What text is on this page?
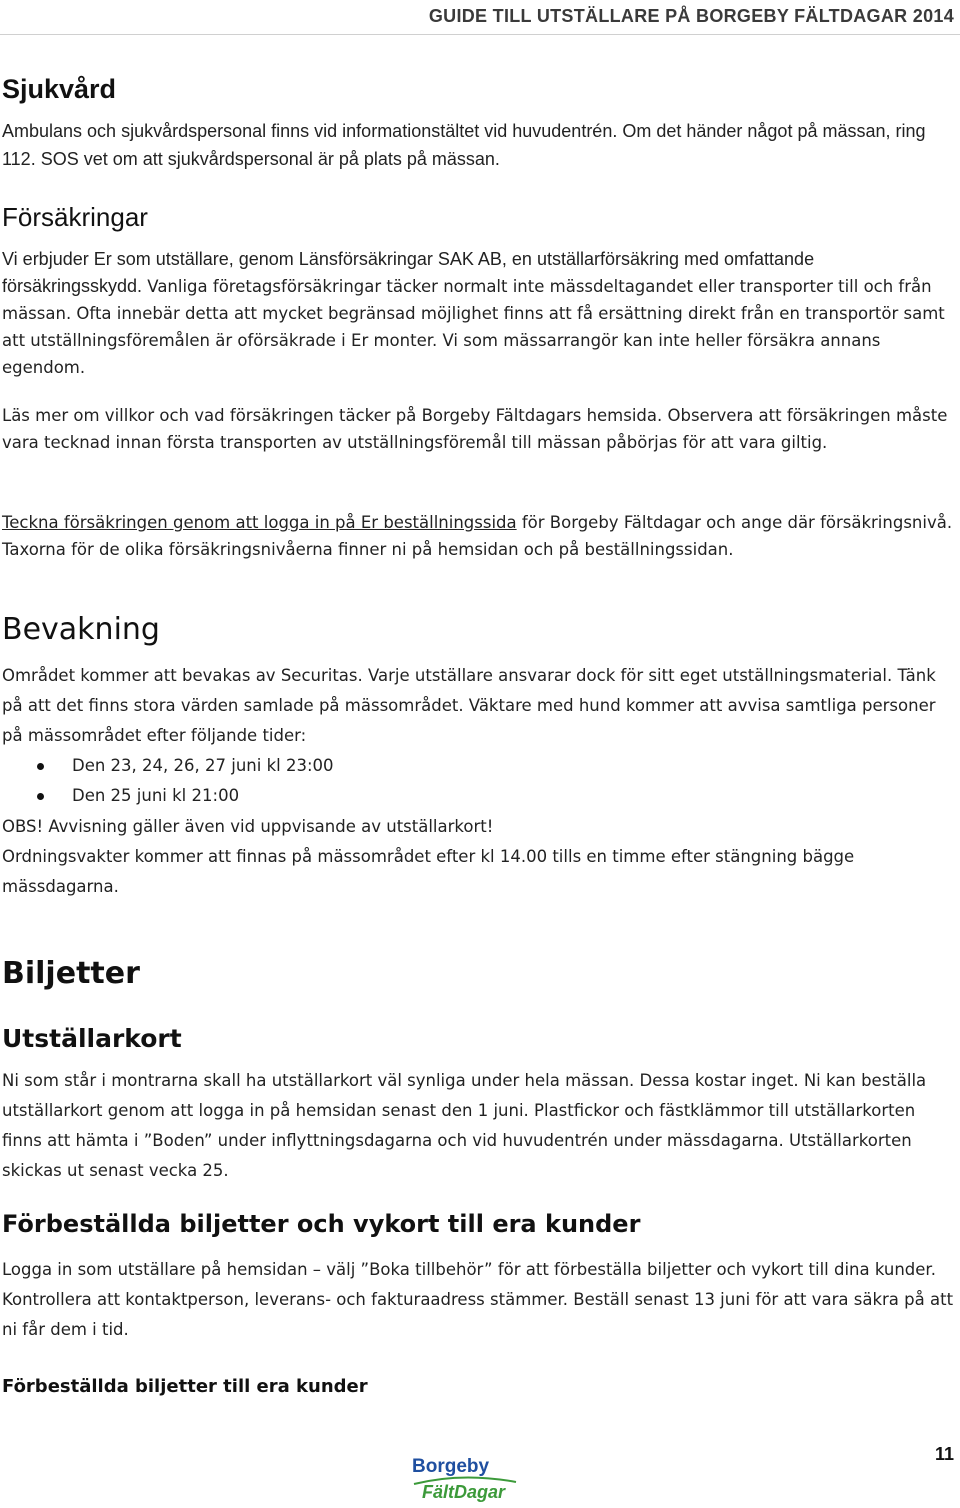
GUIDE TILL UTSTÄLLARE PÅ BORGEBY FÄLTDAGAR 2014
Sjukvård

Ambulans och sjukvårdspersonal finns vid informationstältet vid huvudentrén. Om det händer något på mässan, ring 112. SOS vet om att sjukvårdspersonal är på plats på mässan.

Försäkringar

Vi erbjuder Er som utställare, genom Länsförsäkringar SAK AB, en utställarförsäkring med omfattande försäkringsskydd. Vanliga företagsförsäkringar täcker normalt inte mässdeltagandet eller transporter till och från mässan. Ofta innebär detta att mycket begränsad möjlighet finns att få ersättning direkt från en transportör samt att utställningsföremålen är oförsäkrade i Er monter. Vi som mässarrangör kan inte heller försäkra annans egendom.

Läs mer om villkor och vad försäkringen täcker på Borgeby Fältdagars hemsida. Observera att försäkringen måste vara tecknad innan första transporten av utställningsföremål till mässan påbörjas för att vara giltig.

Teckna försäkringen genom att logga in på Er beställningssida för Borgeby Fältdagar och ange där försäkringsnivå. Taxorna för de olika försäkringsnivåerna finner ni på hemsidan och på beställningssidan.

Bevakning

Området kommer att bevakas av Securitas. Varje utställare ansvarar dock för sitt eget utställningsmaterial. Tänk på att det finns stora värden samlade på mässområdet. Väktare med hund kommer att avvisa samtliga personer på mässområdet efter följande tider:

Den 23, 24, 26, 27 juni kl 23:00
Den 25 juni kl 21:00
OBS! Avvisning gäller även vid uppvisande av utställarkort!
Ordningsvakter kommer att finnas på mässområdet efter kl 14.00 tills en timme efter stängning bägge mässdagarna.
Biljetter
Utställarkort

Ni som står i montrarna skall ha utställarkort väl synliga under hela mässan. Dessa kostar inget. Ni kan beställa utställarkort genom att logga in på hemsidan senast den 1 juni. Plastfickor och fästklämmor till utställarkorten finns att hämta i ”Boden” under inflyttningsdagarna och vid huvudentrén under mässdagarna. Utställarkorten skickas ut senast vecka 25.

Förbeställda biljetter och vykort till era kunder

Logga in som utställare på hemsidan – välj ”Boka tillbehör” för att förbeställa biljetter och vykort till dina kunder. Kontrollera att kontaktperson, leverans- och fakturaadress stämmer. Beställ senast 13 juni för att vara säkra på att ni får dem i tid.

Förbeställda biljetter till era kunder
11
Borgeby
FältDagar
